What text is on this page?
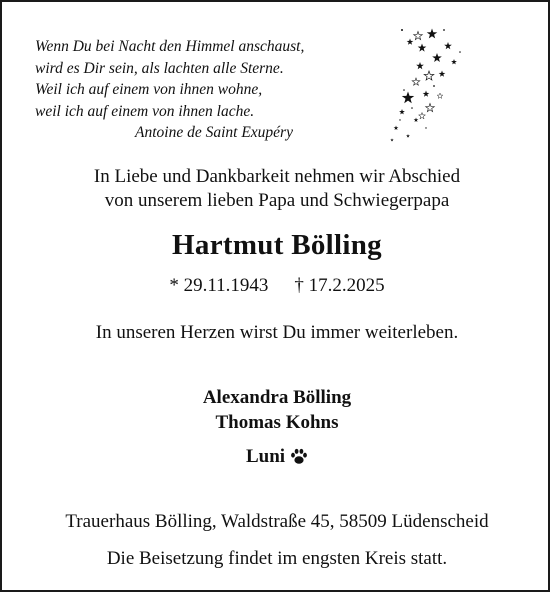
Wenn Du bei Nacht den Himmel anschaust,
wird es Dir sein, als lachten alle Sterne.
Weil ich auf einem von ihnen wohne,
weil ich auf einem von ihnen lache.
Antoine de Saint Exupéry
In Liebe und Dankbarkeit nehmen wir Abschied
von unserem lieben Papa und Schwiegerpapa
Hartmut Bölling
* 29.11.1943 † 17.2.2025
In unseren Herzen wirst Du immer weiterleben.
Alexandra Bölling
Thomas Kohns
Luni
Trauerhaus Bölling, Waldstraße 45, 58509 Lüdenscheid
Die Beisetzung findet im engsten Kreis statt.
